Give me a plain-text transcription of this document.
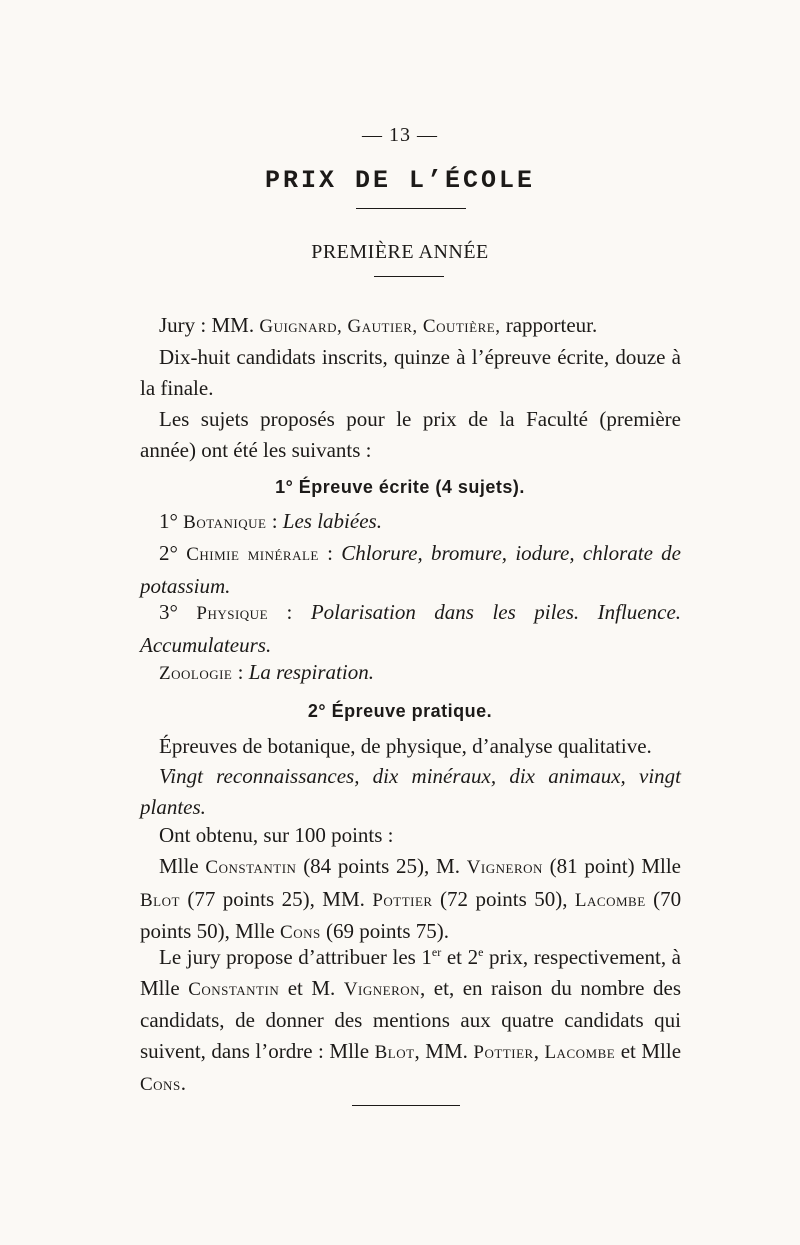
— 13 —
PRIX DE L’ÉCOLE
PREMIÈRE ANNÉE
Jury : MM. Guignard, Gautier, Coutière, rapporteur.
Dix-huit candidats inscrits, quinze à l’épreuve écrite, douze à la finale.
Les sujets proposés pour le prix de la Faculté (première année) ont été les suivants :
1° Épreuve écrite (4 sujets).
1° Botanique : Les labiées.
2° Chimie minérale : Chlorure, bromure, iodure, chlorate de potassium.
3° Physique : Polarisation dans les piles. Influence. Accumulateurs.
Zoologie : La respiration.
2° Épreuve pratique.
Épreuves de botanique, de physique, d’analyse qualitative.
Vingt reconnaissances, dix minéraux, dix animaux, vingt plantes.
Ont obtenu, sur 100 points :
Mlle Constantin (84 points 25), M. Vigneron (81 point) Mlle Blot (77 points 25), MM. Pottier (72 points 50), Lacombe (70 points 50), Mlle Cons (69 points 75).
Le jury propose d’attribuer les 1er et 2e prix, respectivement, à Mlle Constantin et M. Vigneron, et, en raison du nombre des candidats, de donner des mentions aux quatre candidats qui suivent, dans l’ordre : Mlle Blot, MM. Pottier, Lacombe et Mlle Cons.
